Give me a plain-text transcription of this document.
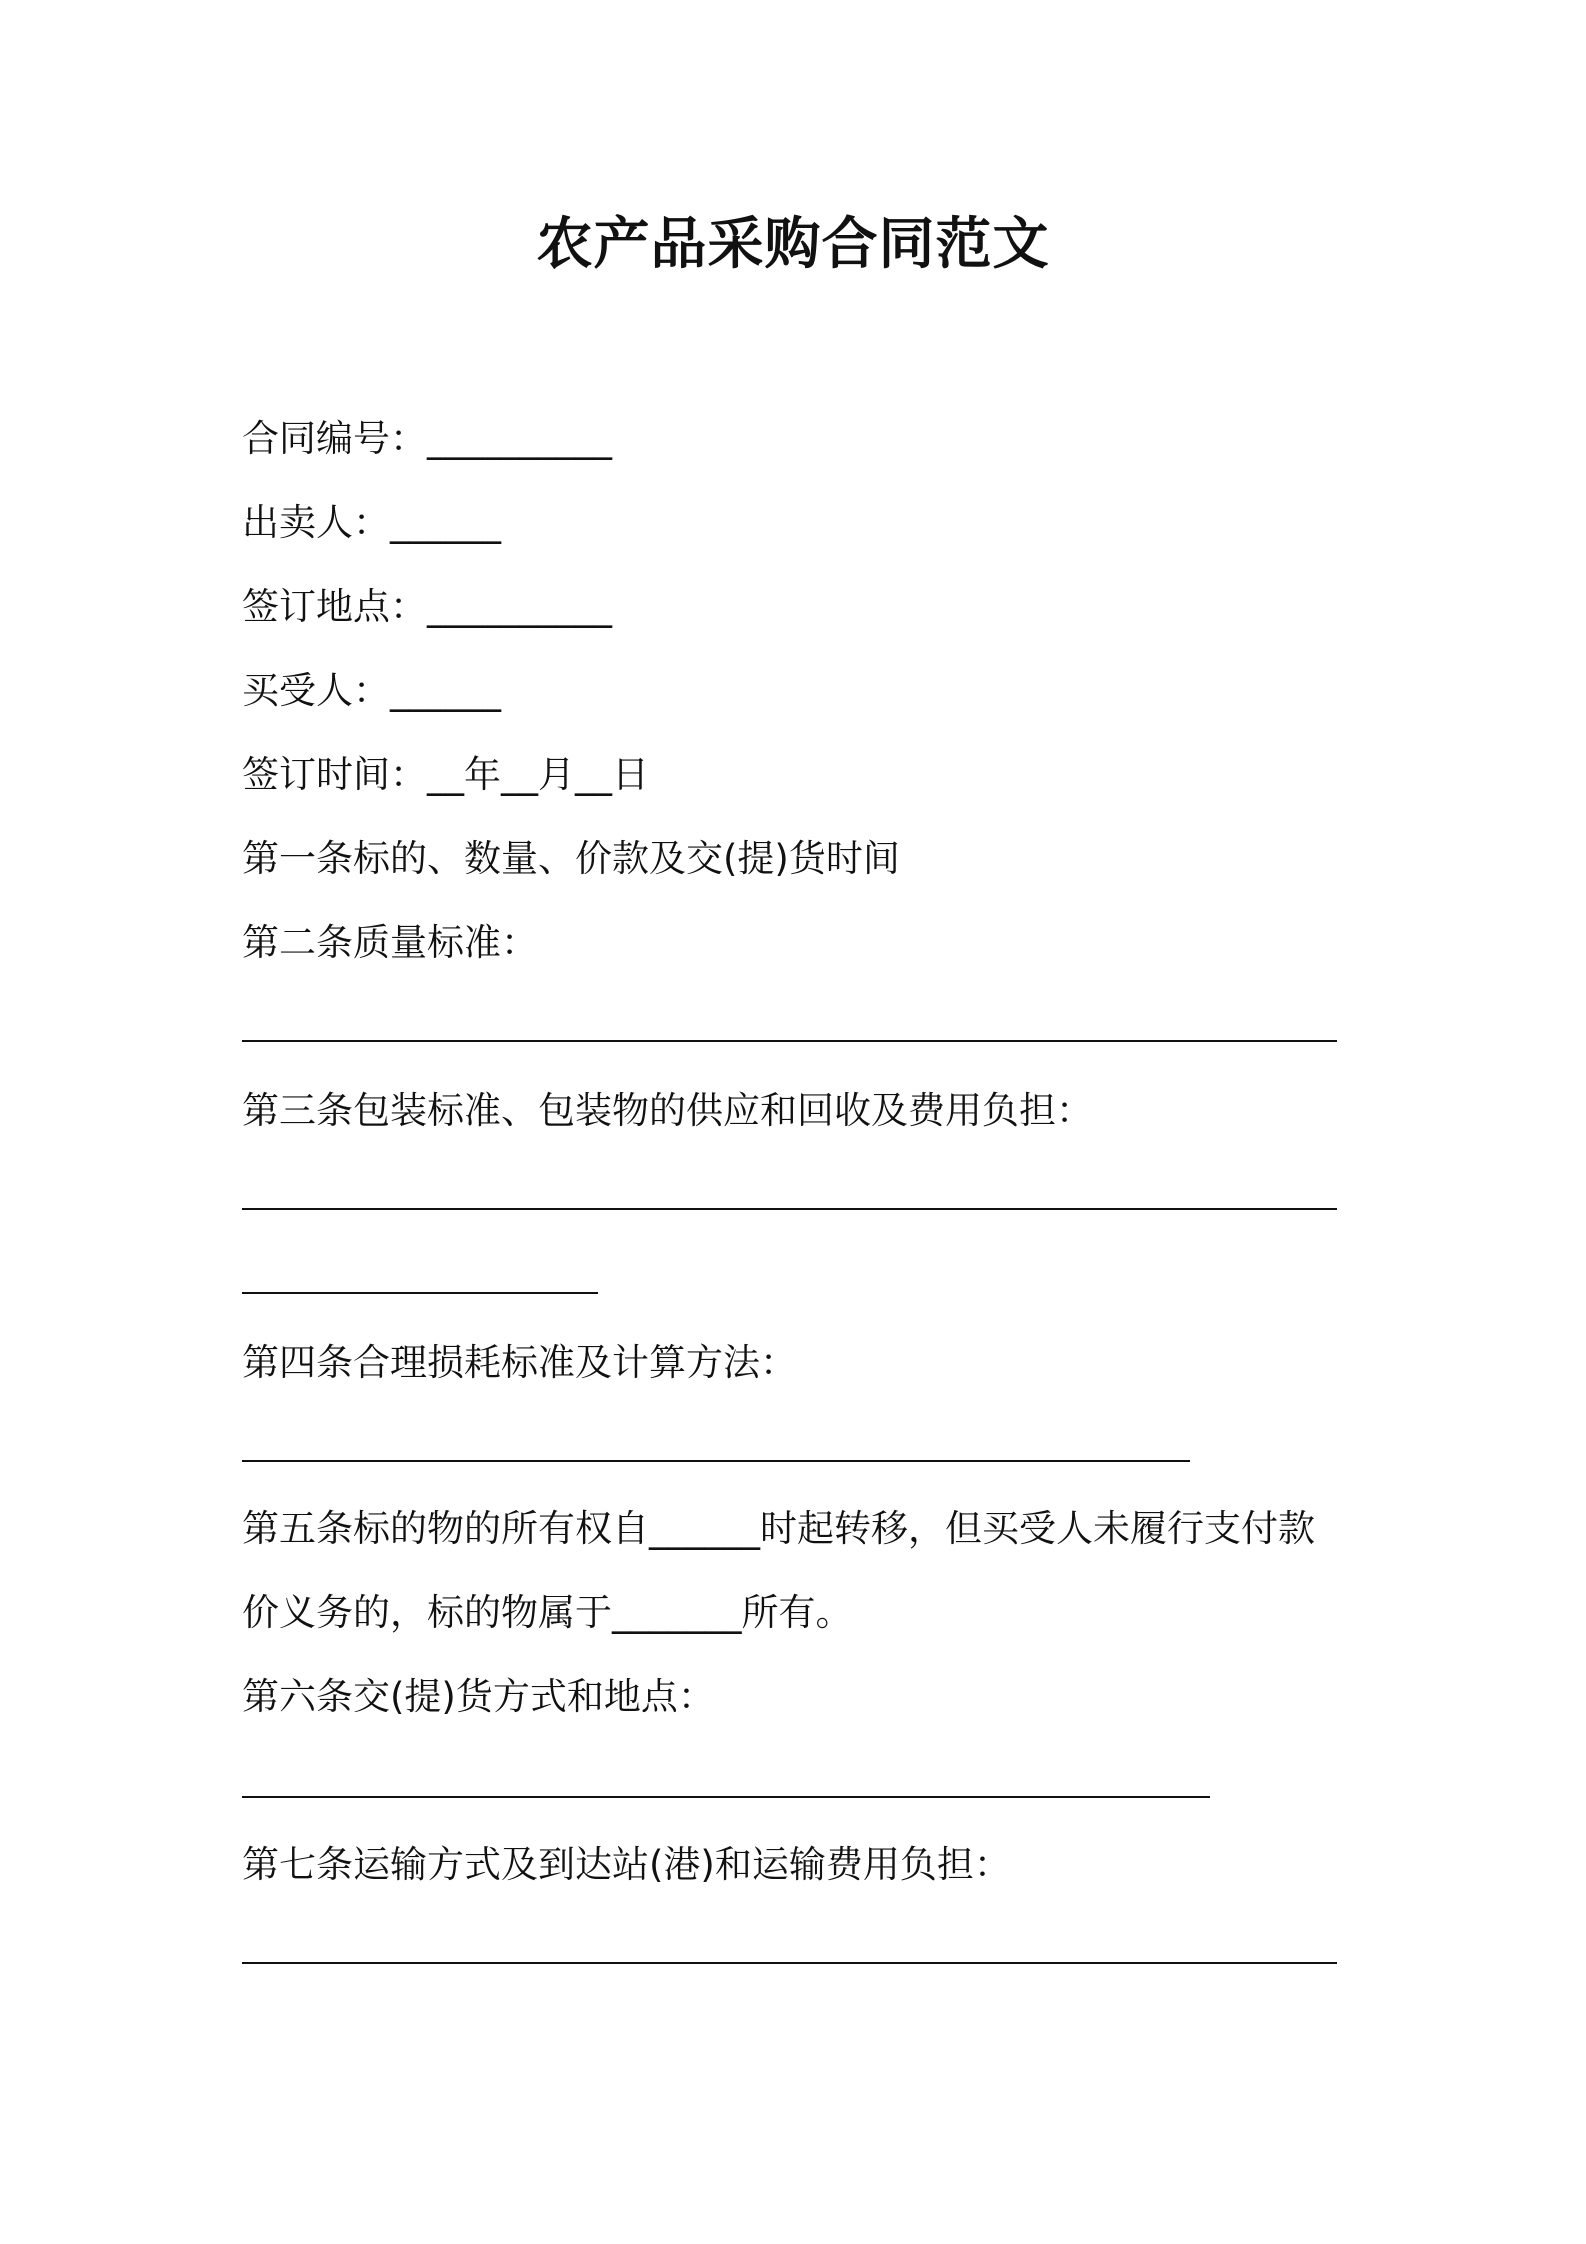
农产品采购合同范文
合同编号：__________
出卖人：______
签订地点：__________
买受人：______
签订时间：__年__月__日
第一条标的、数量、价款及交(提)货时间
第二条质量标准：
第三条包装标准、包装物的供应和回收及费用负担：
第四条合理损耗标准及计算方法：
第五条标的物的所有权自______时起转移，但买受人未履行支付款
价义务的，标的物属于_______所有。
第六条交(提)货方式和地点：
第七条运输方式及到达站(港)和运输费用负担：
